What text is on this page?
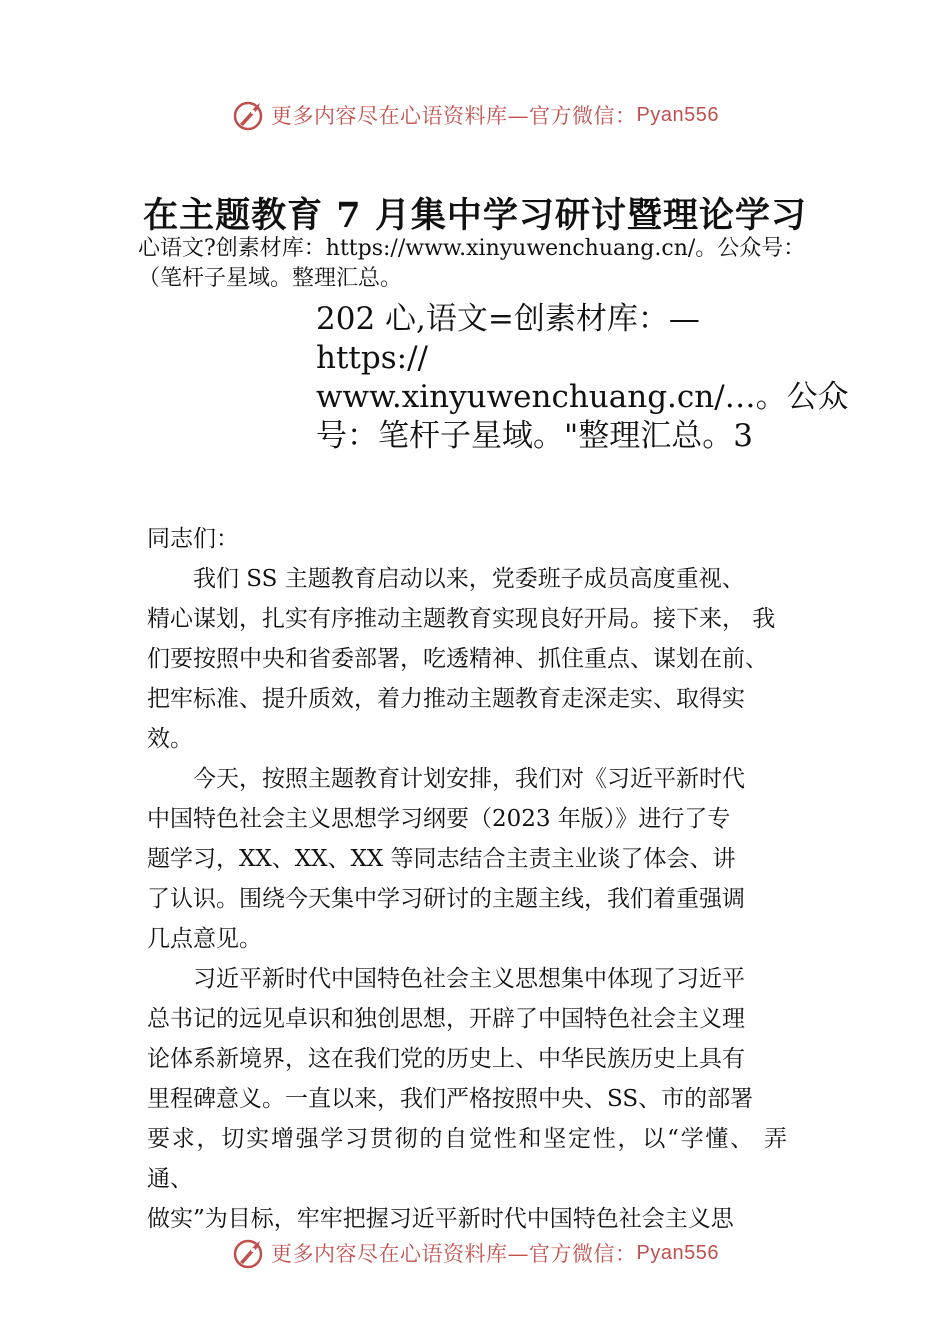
更多内容尽在心语资料库—官方微信： Pyan556
在主题教育 7 月集中学习研讨暨理论学习
心语文?创素材库：https://www.xinyuwenchuang.cn/。公众号：
（笔杆子星域。整理汇总。
202 心,语文=创素材库：—
https://
www.xinyuwenchuang.cn/…。公众
号：笔杆子星域。"整理汇总。3

同志们：

我们 SS 主题教育启动以来，党委班子成员高度重视、
精心谋划，扎实有序推动主题教育实现良好开局。接下来， 我
们要按照中央和省委部署，吃透精神、抓住重点、谋划在前、
把牢标准、提升质效，着力推动主题教育走深走实、取得实
效。

今天，按照主题教育计划安排，我们对《习近平新时代
中国特色社会主义思想学习纲要（2023 年版）》进行了专
题学习，XX、XX、XX 等同志结合主责主业谈了体会、讲
了认识。围绕今天集中学习研讨的主题主线，我们着重强调
几点意见。

习近平新时代中国特色社会主义思想集中体现了习近平
总书记的远见卓识和独创思想，开辟了中国特色社会主义理
论体系新境界，这在我们党的历史上、中华民族历史上具有
里程碑意义。一直以来，我们严格按照中央、SS、市的部署
要求，切实增强学习贯彻的自觉性和坚定性，以“学懂、 弄通、
做实”为目标，牢牢把握习近平新时代中国特色社会主义思

更多内容尽在心语资料库—官方微信： Pyan556
